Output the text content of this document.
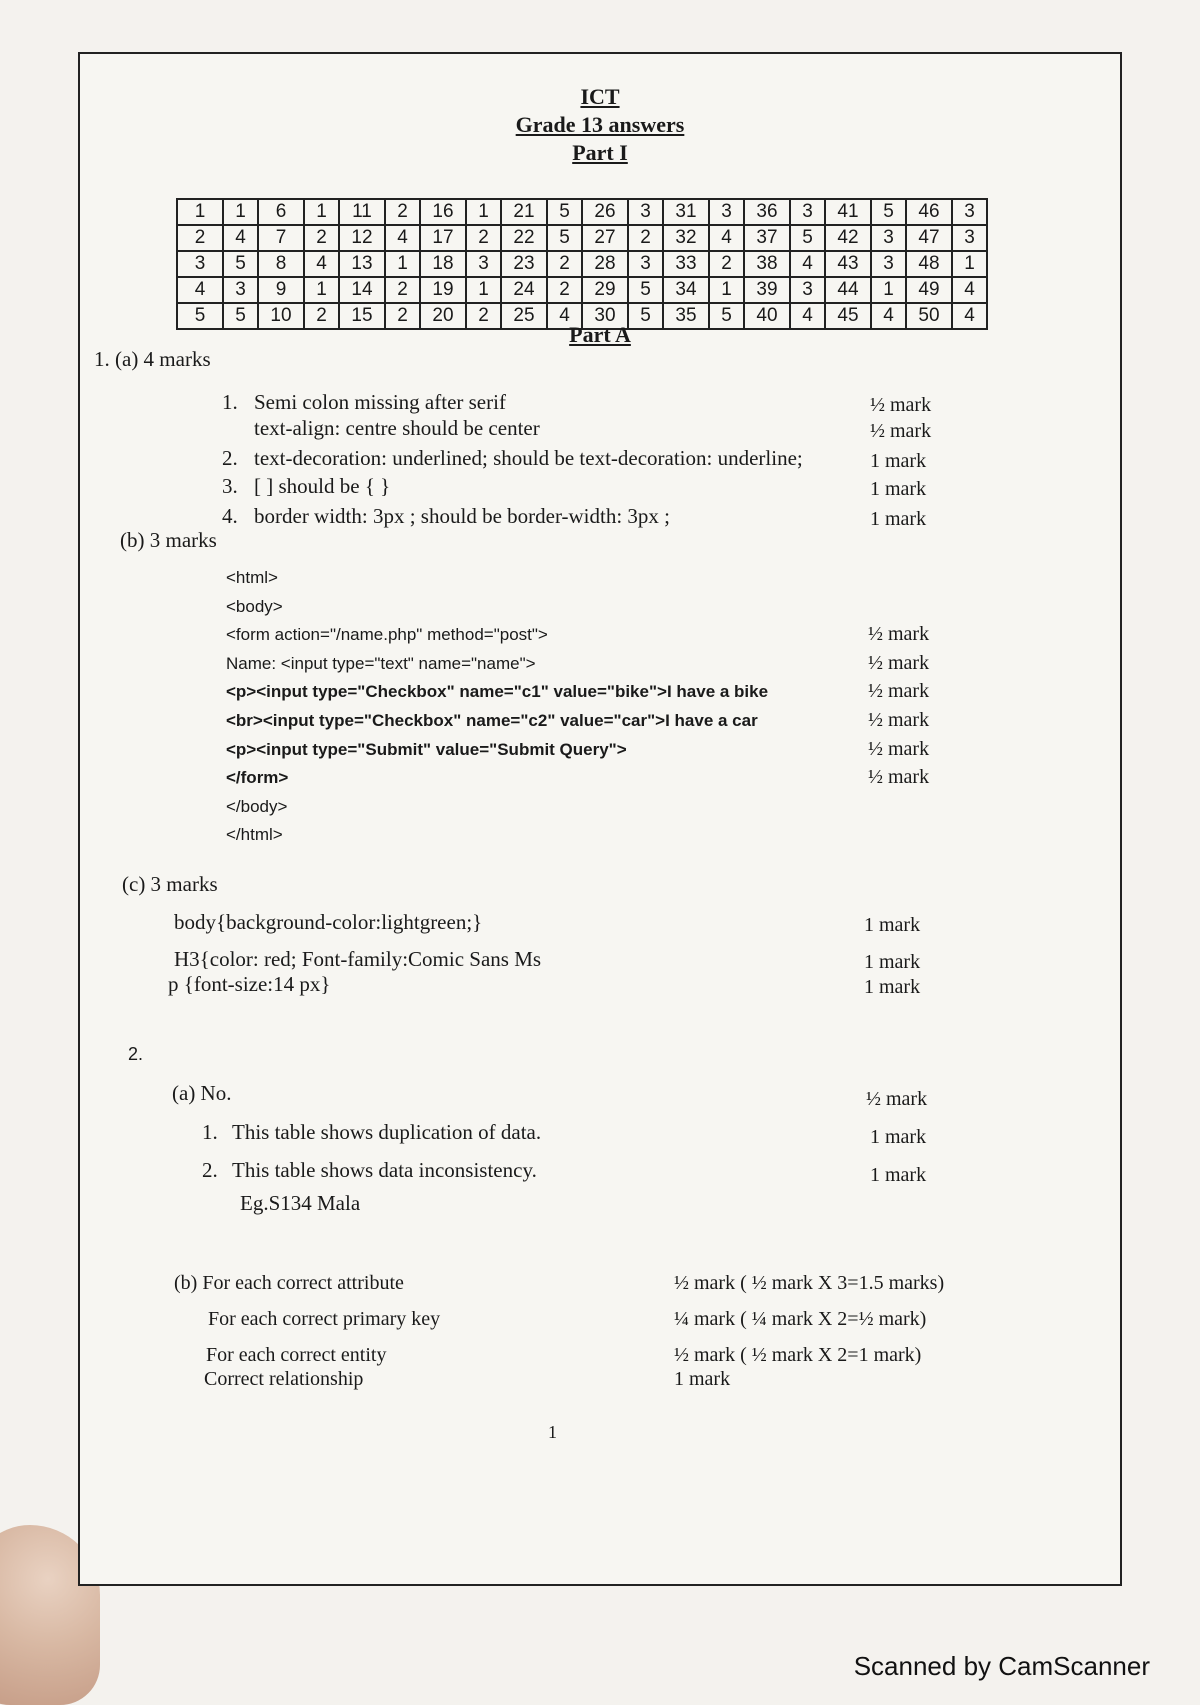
ICT
Grade 13 answers
Part I
1	1	6	1	11	2	16	1	21	5	26	3	31	3	36	3	41	5	46	3
2	4	7	2	12	4	17	2	22	5	27	2	32	4	37	5	42	3	47	3
3	5	8	4	13	1	18	3	23	2	28	3	33	2	38	4	43	3	48	1
4	3	9	1	14	2	19	1	24	2	29	5	34	1	39	3	44	1	49	4
5	5	10	2	15	2	20	2	25	4	30	5	35	5	40	4	45	4	50	4
Part A
1. (a) 4 marks
1. Semi colon missing after serif	½ mark
text-align: centre should be center	½ mark
2. text-decoration: underlined; should be text-decoration: underline;	1 mark
3. [ ] should be { }	1 mark
4. border width: 3px ; should be border-width: 3px ;	1 mark
(b) 3 marks
<html>
<body>
<form action="/name.php" method="post">	½ mark
Name: <input type="text" name="name">	½ mark
<p><input type="Checkbox" name="c1" value="bike">I have a bike	½ mark
<br><input type="Checkbox" name="c2" value="car">I have a car	½ mark
<p><input type="Submit" value="Submit Query">	½ mark
</form>	½ mark
</body>
</html>
(c) 3 marks
body{background-color:lightgreen;}	1 mark
H3{color: red; Font-family:Comic Sans Ms	1 mark
p {font-size:14 px}	1 mark
2.
(a) No.	½ mark
1. This table shows duplication of data.	1 mark
2. This table shows data inconsistency.	1 mark
Eg.S134 Mala
(b) For each correct attribute	½ mark ( ½ mark X 3=1.5 marks)
For each correct primary key	¼ mark ( ¼ mark X 2=½ mark)
For each correct entity	½ mark ( ½ mark X 2=1 mark)
Correct relationship	1 mark
1
Scanned by CamScanner
